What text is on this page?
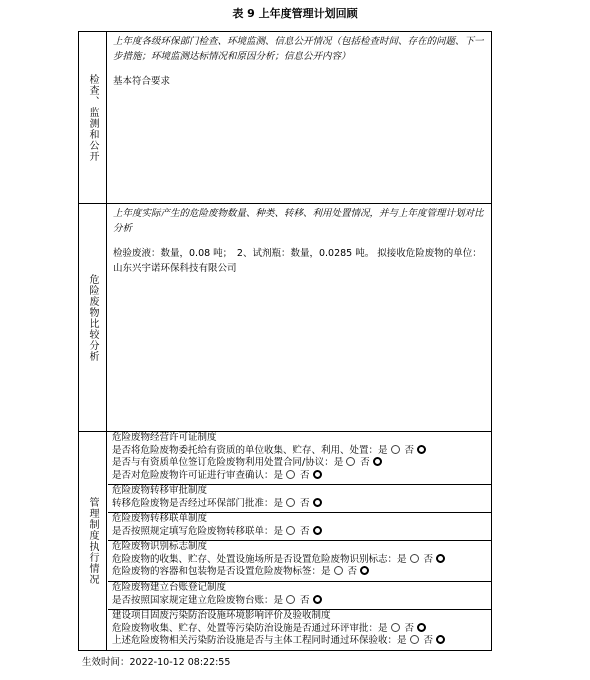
表 9 上年度管理计划回顾
检查、监测和公开
上年度各级环保部门检查、环境监测、信息公开情况（包括检查时间、存在的问题、下一步措施；环境监测达标情况和原因分析；信息公开内容）
基本符合要求
危险废物比较分析
上年度实际产生的危险废物数量、种类、转移、利用处置情况，并与上年度管理计划对比分析
检验废液：数量，0.08 吨；　2、试剂瓶：数量，0.0285 吨。 拟接收危险废物的单位：山东兴宇诺环保科技有限公司
管理制度执行情况
危险废物经营许可证制度
是否将危险废物委托给有资质的单位收集、贮存、利用、处置：是 否
是否与有资质单位签订危险废物利用处置合同/协议：是 否
是否对危险废物许可证进行审查确认：是 否
危险废物转移审批制度
转移危险废物是否经过环保部门批准：是 否
危险废物转移联单制度
是否按照规定填写危险废物转移联单：是 否
危险废物识别标志制度
危险废物的收集、贮存、处置设施场所是否设置危险废物识别标志：是 否
危险废物的容器和包装物是否设置危险废物标签：是 否
危险废物建立台账登记制度
是否按照国家规定建立危险废物台账：是 否
建设项目固废污染防治设施环境影响评价及验收制度
危险废物收集、贮存、处置等污染防治设施是否通过环评审批：是 否
上述危险废物相关污染防治设施是否与主体工程同时通过环保验收：是 否
生效时间：2022-10-12 08:22:55
